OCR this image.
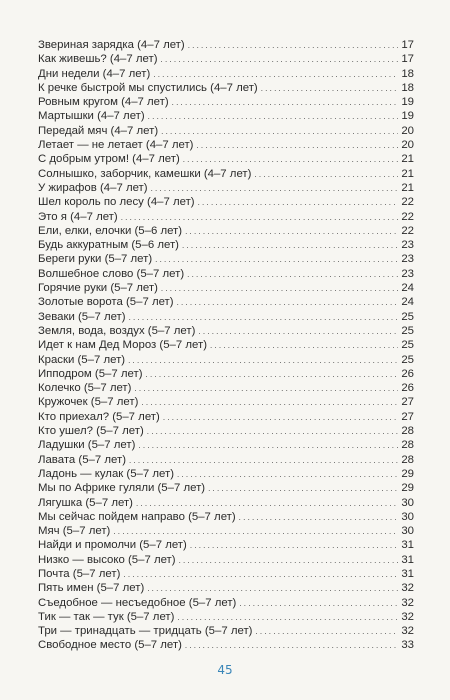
Звериная зарядка (4–7 лет) . . .	17
Как живешь? (4–7 лет) . . .	17
Дни недели (4–7 лет) . . .	18
К речке быстрой мы спустились (4–7 лет) . . .	18
Ровным кругом (4–7 лет) . . .	19
Мартышки (4–7 лет) . . .	19
Передай мяч (4–7 лет) . . .	20
Летает — не летает (4–7 лет) . . .	20
С добрым утром! (4–7 лет) . . .	21
Солнышко, заборчик, камешки (4–7 лет) . . .	21
У жирафов (4–7 лет) . . .	21
Шел король по лесу (4–7 лет) . . .	22
Это я (4–7 лет) . . .	22
Ели, елки, елочки (5–6 лет) . . .	22
Будь аккуратным (5–6 лет) . . .	23
Береги руки (5–7 лет) . . .	23
Волшебное слово (5–7 лет) . . .	23
Горячие руки (5–7 лет) . . .	24
Золотые ворота (5–7 лет) . . .	24
Зеваки (5–7 лет) . . .	25
Земля, вода, воздух (5–7 лет) . . .	25
Идет к нам Дед Мороз (5–7 лет) . . .	25
Краски (5–7 лет) . . .	25
Ипподром (5–7 лет) . . .	26
Колечко (5–7 лет) . . .	26
Кружочек (5–7 лет) . . .	27
Кто приехал? (5–7 лет) . . .	27
Кто ушел? (5–7 лет) . . .	28
Ладушки (5–7 лет) . . .	28
Лавата (5–7 лет) . . .	28
Ладонь — кулак (5–7 лет) . . .	29
Мы по Африке гуляли (5–7 лет) . . .	29
Лягушка (5–7 лет) . . .	30
Мы сейчас пойдем направо (5–7 лет) . . .	30
Мяч (5–7 лет) . . .	30
Найди и промолчи (5–7 лет) . . .	31
Низко — высоко (5–7 лет) . . .	31
Почта (5–7 лет) . . .	31
Пять имен (5–7 лет) . . .	32
Съедобное — несъедобное (5–7 лет) . . .	32
Тик — так — тук (5–7 лет) . . .	32
Три — тринадцать — тридцать (5–7 лет) . . .	32
Свободное место (5–7 лет) . . .	33
45
